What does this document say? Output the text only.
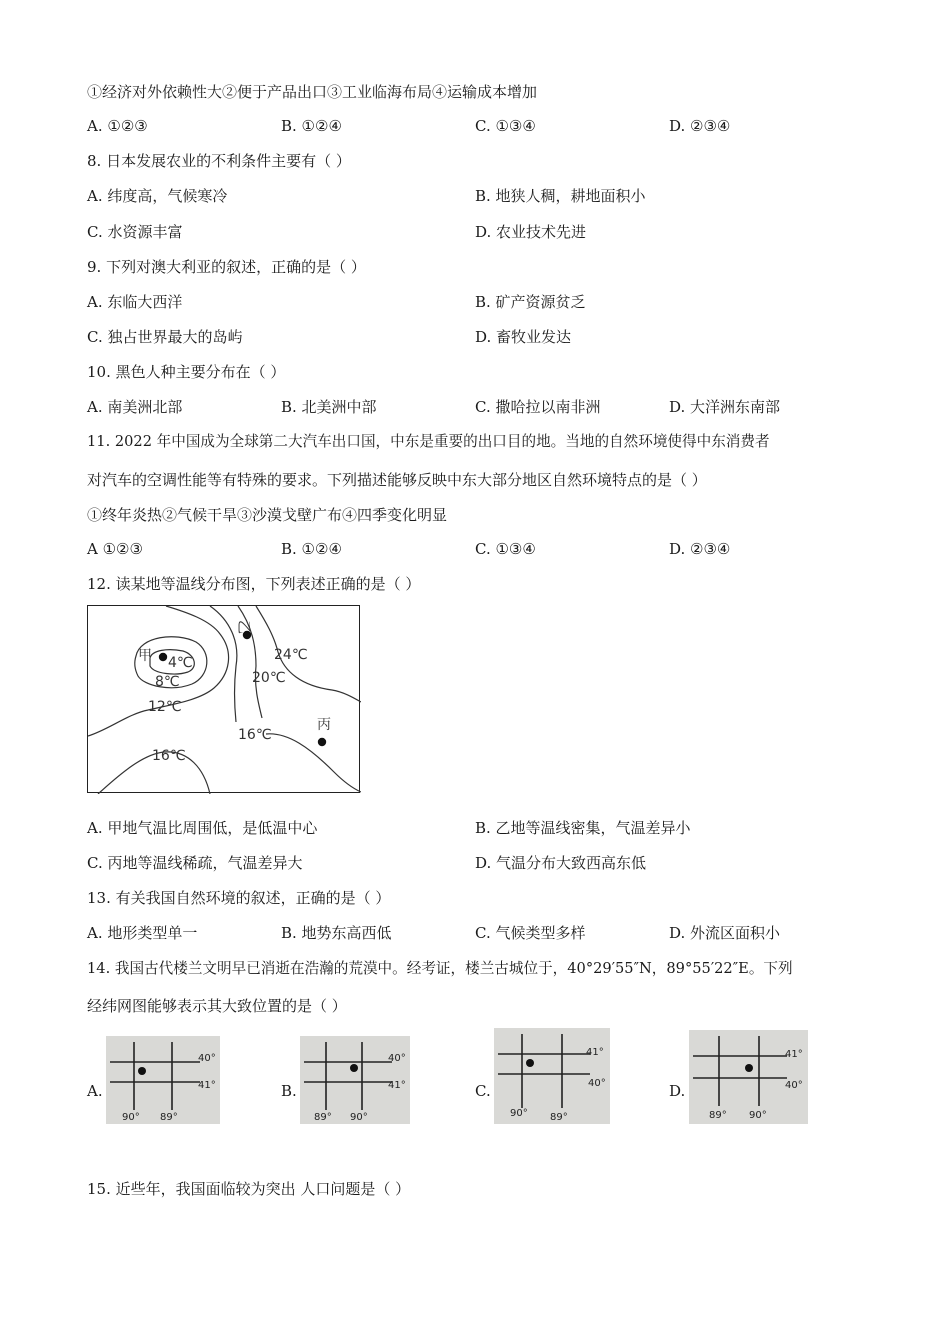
①经济对外依赖性大②便于产品出口③工业临海布局④运输成本增加
A. ①②③	B. ①②④	C. ①③④	D. ②③④
8. 日本发展农业的不利条件主要有（ ）
A. 纬度高，气候寒冷	B. 地狭人稠，耕地面积小
C. 水资源丰富	D. 农业技术先进
9. 下列对澳大利亚的叙述，正确的是（ ）
A. 东临大西洋	B. 矿产资源贫乏
C. 独占世界最大的岛屿	D. 畜牧业发达
10. 黑色人种主要分布在（ ）
A. 南美洲北部	B. 北美洲中部	C. 撒哈拉以南非洲	D. 大洋洲东南部
11. 2022 年中国成为全球第二大汽车出口国，中东是重要的出口目的地。当地的自然环境使得中东消费者
对汽车的空调性能等有特殊的要求。下列描述能够反映中东大部分地区自然环境特点的是（ ）
①终年炎热②气候干旱③沙漠戈壁广布④四季变化明显
A ①②③	B. ①②④	C. ①③④	D. ②③④
12. 读某地等温线分布图，下列表述正确的是（ ）
甲
乙
丙
4℃
8℃
12℃
16℃
16℃
20℃
24℃
A. 甲地气温比周围低，是低温中心	B. 乙地等温线密集，气温差异小
C. 丙地等温线稀疏，气温差异大	D. 气温分布大致西高东低
13. 有关我国自然环境的叙述，正确的是（ ）
A. 地形类型单一	B. 地势东高西低	C. 气候类型多样	D. 外流区面积小
14. 我国古代楼兰文明早已消逝在浩瀚的荒漠中。经考证，楼兰古城位于，40°29′55″N，89°55′22″E。下列
经纬网图能够表示其大致位置的是（ ）
A.
40°
41°
90° 89°
B.
40°
41°
89° 90°
C.
41°
40°
90° 89°
D.
41°
40°
89° 90°
15. 近些年，我国面临较为突出 人口问题是（ ）
